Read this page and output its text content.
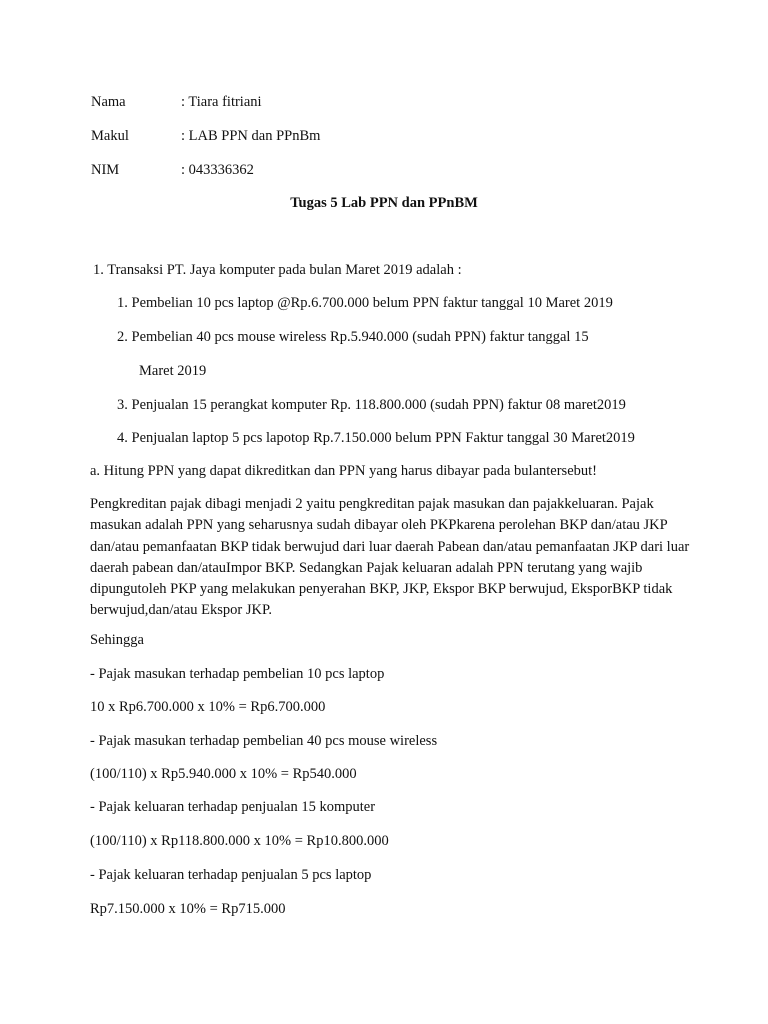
Nama	: Tiara fitriani
Makul	: LAB PPN dan PPnBm
NIM	: 043336362
Tugas 5 Lab PPN dan PPnBM
1. Transaksi PT. Jaya komputer pada bulan Maret 2019 adalah :
1. Pembelian 10 pcs laptop @Rp.6.700.000 belum PPN faktur tanggal 10 Maret 2019
2. Pembelian 40 pcs mouse wireless Rp.5.940.000 (sudah PPN) faktur tanggal 15
Maret 2019
3. Penjualan 15 perangkat komputer Rp. 118.800.000 (sudah PPN) faktur 08 maret2019
4. Penjualan laptop 5 pcs lapotop Rp.7.150.000 belum PPN Faktur tanggal 30 Maret2019
a. Hitung PPN yang dapat dikreditkan dan PPN yang harus dibayar pada bulantersebut!
Pengkreditan pajak dibagi menjadi 2 yaitu pengkreditan pajak masukan dan pajakkeluaran. Pajak masukan adalah PPN yang seharusnya sudah dibayar oleh PKPkarena perolehan BKP dan/atau JKP dan/atau pemanfaatan BKP tidak berwujud dari luar daerah Pabean dan/atau pemanfaatan JKP dari luar daerah pabean dan/atauImpor BKP. Sedangkan Pajak keluaran adalah PPN terutang yang wajib dipungutoleh PKP yang melakukan penyerahan BKP, JKP, Ekspor BKP berwujud, EksporBKP tidak berwujud,dan/atau Ekspor JKP.
Sehingga
- Pajak masukan terhadap pembelian 10 pcs laptop
10 x Rp6.700.000 x 10% = Rp6.700.000
- Pajak masukan terhadap pembelian 40 pcs mouse wireless
(100/110) x Rp5.940.000 x 10% = Rp540.000
- Pajak keluaran terhadap penjualan 15 komputer
(100/110) x Rp118.800.000 x 10% = Rp10.800.000
- Pajak keluaran terhadap penjualan 5 pcs laptop
Rp7.150.000 x 10% = Rp715.000
